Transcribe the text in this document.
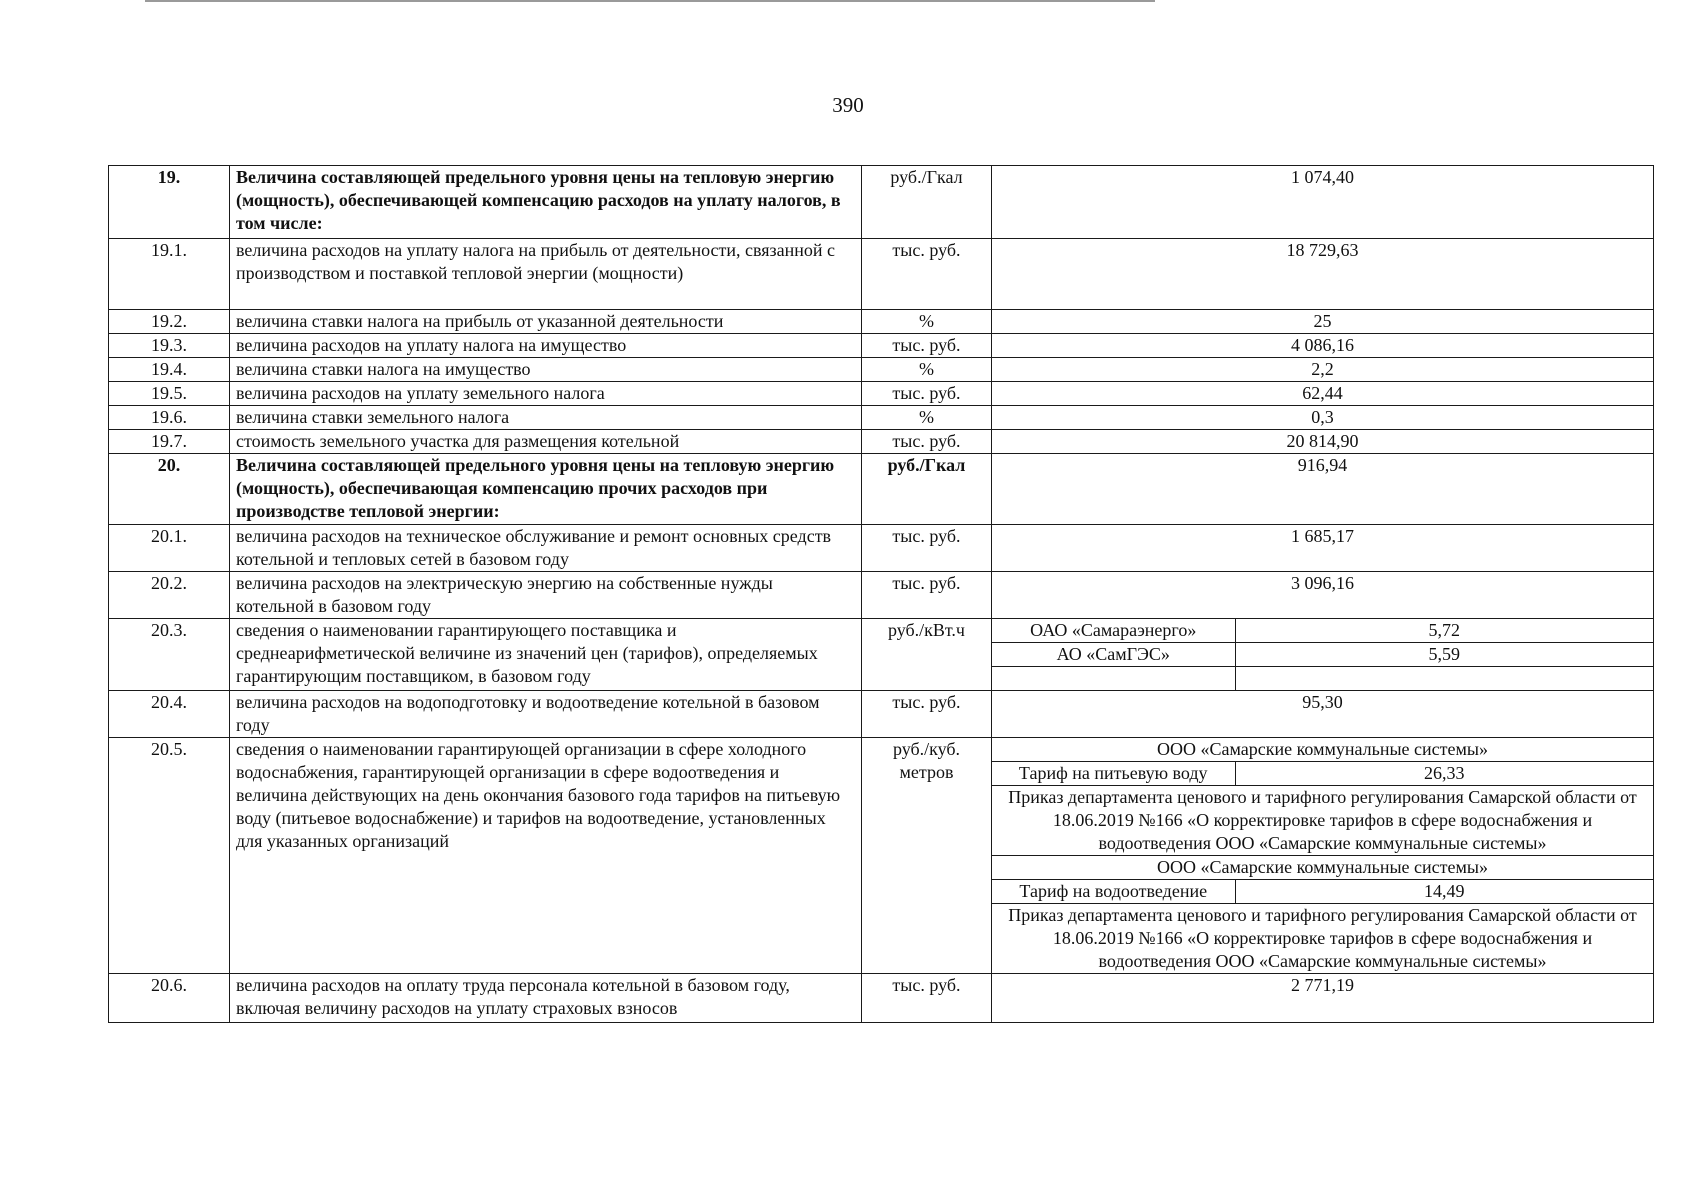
390
19.	Величина составляющей предельного уровня цены на тепловую энергию (мощность), обеспечивающей компенсацию расходов на уплату налогов, в том числе:	руб./Гкал	1 074,40
19.1.	величина расходов на уплату налога на прибыль от деятельности, связанной с производством и поставкой тепловой энергии (мощности)	тыс. руб.	18 729,63
19.2.	величина ставки налога на прибыль от указанной деятельности	%	25
19.3.	величина расходов на уплату налога на имущество	тыс. руб.	4 086,16
19.4.	величина ставки налога на имущество	%	2,2
19.5.	величина расходов на уплату земельного налога	тыс. руб.	62,44
19.6.	величина ставки земельного налога	%	0,3
19.7.	стоимость земельного участка для размещения котельной	тыс. руб.	20 814,90
20.	Величина составляющей предельного уровня цены на тепловую энергию (мощность), обеспечивающая компенсацию прочих расходов при производстве тепловой энергии:	руб./Гкал	916,94
20.1.	величина расходов на техническое обслуживание и ремонт основных средств котельной и тепловых сетей в базовом году	тыс. руб.	1 685,17
20.2.	величина расходов на электрическую энергию на собственные нужды котельной в базовом году	тыс. руб.	3 096,16
20.3.	сведения о наименовании гарантирующего поставщика и среднеарифметической величине из значений цен (тарифов), определяемых гарантирующим поставщиком, в базовом году	руб./кВт.ч		ОАО «Самараэнерго»	5,72
АО «СамГЭС»	5,59

20.4.	величина расходов на водоподготовку и водоотведение котельной в базовом году	тыс. руб.	95,30
20.5.	сведения о наименовании гарантирующей организации в сфере холодного водоснабжения, гарантирующей организации в сфере водоотведения и величина действующих на день окончания базового года тарифов на питьевую воду (питьевое водоснабжение) и тарифов на водоотведение, установленных для указанных организаций	руб./куб. метров	
ООО «Самарские коммунальные системы»
Тариф на питьевую воду	26,33
Приказ департамента ценового и тарифного регулирования Самарской области от 18.06.2019 №166 «О корректировке тарифов в сфере водоснабжения и водоотведения ООО «Самарские коммунальные системы»
ООО «Самарские коммунальные системы»
Тариф на водоотведение	14,49
Приказ департамента ценового и тарифного регулирования Самарской области от 18.06.2019 №166 «О корректировке тарифов в сфере водоснабжения и водоотведения ООО «Самарские коммунальные системы»

20.6.	величина расходов на оплату труда персонала котельной в базовом году, включая величину расходов на уплату страховых взносов	тыс. руб.	2 771,19
